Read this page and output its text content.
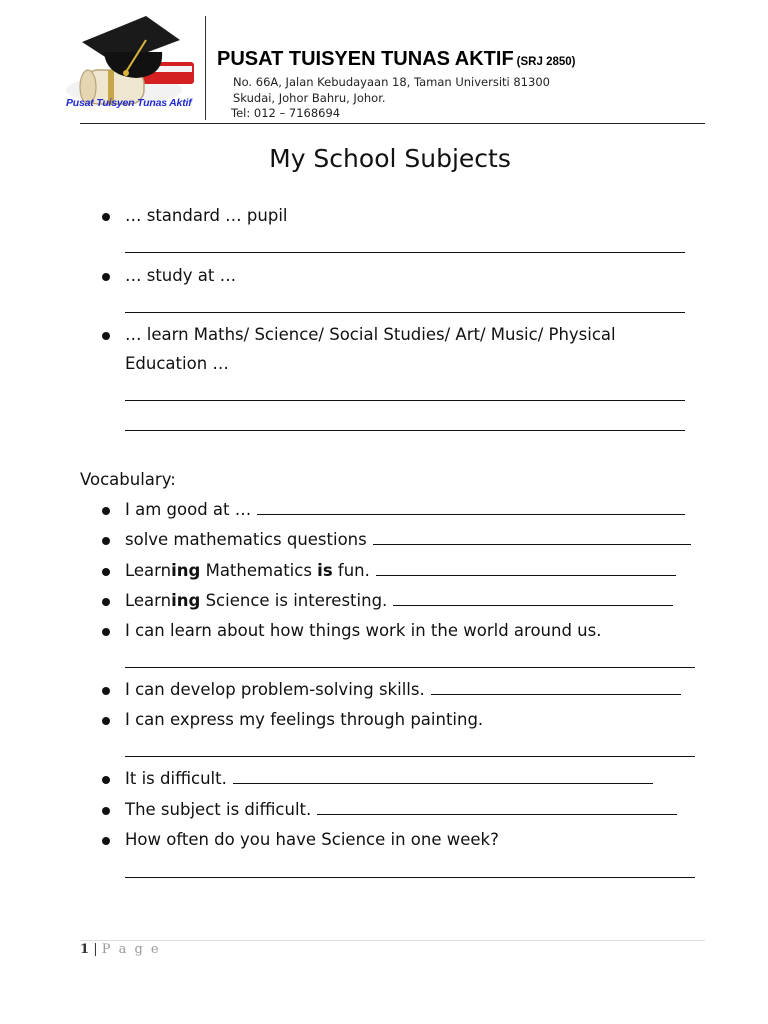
Pusat Tuisyen Tunas Aktif
PUSAT TUISYEN TUNAS AKTIF (SRJ 2850)
No. 66A, Jalan Kebudayaan 18, Taman Universiti 81300
Skudai, Johor Bahru, Johor.
Tel: 012 – 7168694
My School Subjects
… standard … pupil
… study at …
… learn Maths/ Science/ Social Studies/ Art/ Music/ Physical
Education …
Vocabulary:
I am good at …
solve mathematics questions
Learning Mathematics is fun.
Learning Science is interesting.
I can learn about how things work in the world around us.
I can develop problem-solving skills.
I can express my feelings through painting.
It is difficult.
The subject is difficult.
How often do you have Science in one week?
1 | P a g e
